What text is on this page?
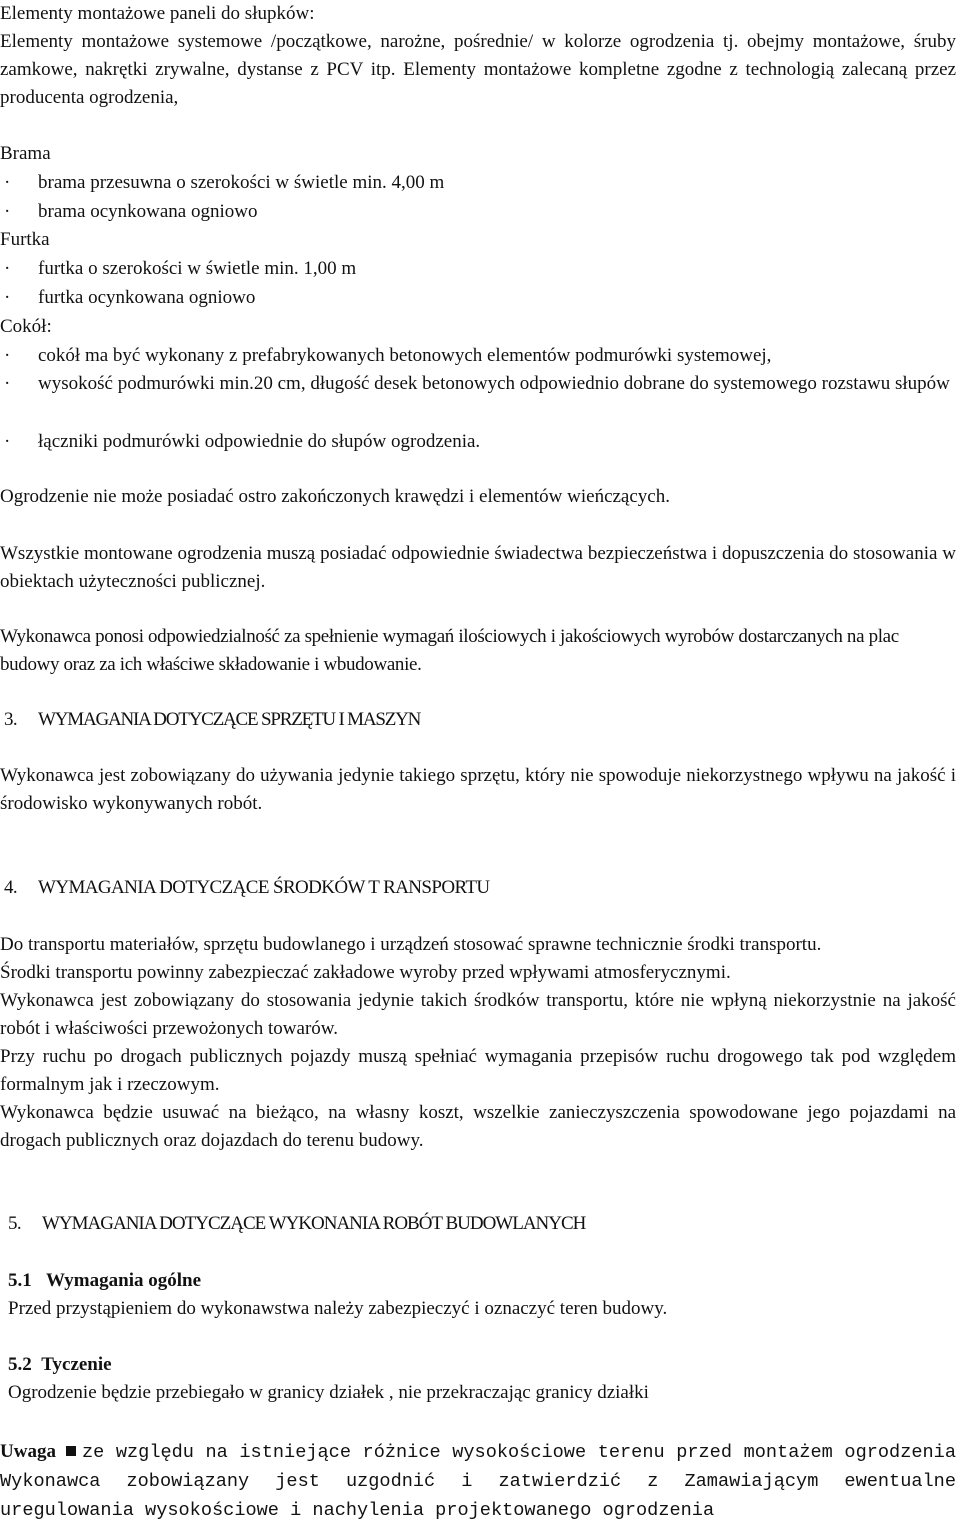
Elementy montażowe paneli do słupków:
Elementy montażowe systemowe /początkowe, narożne, pośrednie/ w kolorze ogrodzenia tj. obejmy montażowe, śruby zamkowe, nakrętki zrywalne, dystanse z PCV itp. Elementy montażowe kompletne zgodne z technologią zalecaną przez producenta ogrodzenia,
Brama
· brama przesuwna o szerokości w świetle min. 4,00 m
· brama ocynkowana ogniowo
Furtka
· furtka o szerokości w świetle min. 1,00 m
· furtka ocynkowana ogniowo
Cokół:
· cokół ma być wykonany z prefabrykowanych betonowych elementów podmurówki systemowej,
· wysokość podmurówki min.20 cm, długość desek betonowych odpowiednio dobrane do systemowego rozstawu słupów
· łączniki podmurówki odpowiednie do słupów ogrodzenia.
Ogrodzenie nie może posiadać ostro zakończonych krawędzi i elementów wieńczących.
Wszystkie montowane ogrodzenia muszą posiadać odpowiednie świadectwa bezpieczeństwa i dopuszczenia do stosowania w obiektach użyteczności publicznej.
Wykonawca ponosi odpowiedzialność za spełnienie wymagań ilościowych i jakościowych wyrobów dostarczanych na plac budowy oraz za ich właściwe składowanie i wbudowanie.
3. WYMAGANIA DOTYCZĄCE SPRZĘTU I MASZYN
Wykonawca jest zobowiązany do używania jedynie takiego sprzętu, który nie spowoduje niekorzystnego wpływu na jakość i środowisko wykonywanych robót.
4. WYMAGANIA DOTYCZĄCE ŚRODKÓW T RANSPORTU
Do transportu materiałów, sprzętu budowlanego i urządzeń stosować sprawne technicznie środki transportu.
Środki transportu powinny zabezpieczać zakładowe wyroby przed wpływami atmosferycznymi.
Wykonawca jest zobowiązany do stosowania jedynie takich środków transportu, które nie wpłyną niekorzystnie na jakość robót i właściwości przewożonych towarów.
Przy ruchu po drogach publicznych pojazdy muszą spełniać wymagania przepisów ruchu drogowego tak pod względem formalnym jak i rzeczowym.
Wykonawca będzie usuwać na bieżąco, na własny koszt, wszelkie zanieczyszczenia spowodowane jego pojazdami na drogach publicznych oraz dojazdach do terenu budowy.
5. WYMAGANIA DOTYCZĄCE WYKONANIA ROBÓT BUDOWLANYCH
5.1 Wymagania ogólne
Przed przystąpieniem do wykonawstwa należy zabezpieczyć i oznaczyć teren budowy.
5.2 Tyczenie
Ogrodzenie będzie przebiegało w granicy działek , nie przekraczając granicy działki
Uwaga ze względu na istniejące różnice wysokościowe terenu przed montażem ogrodzenia Wykonawca zobowiązany jest uzgodnić i zatwierdzić z Zamawiającym ewentualne uregulowania wysokościowe i nachylenia projektowanego ogrodzenia
